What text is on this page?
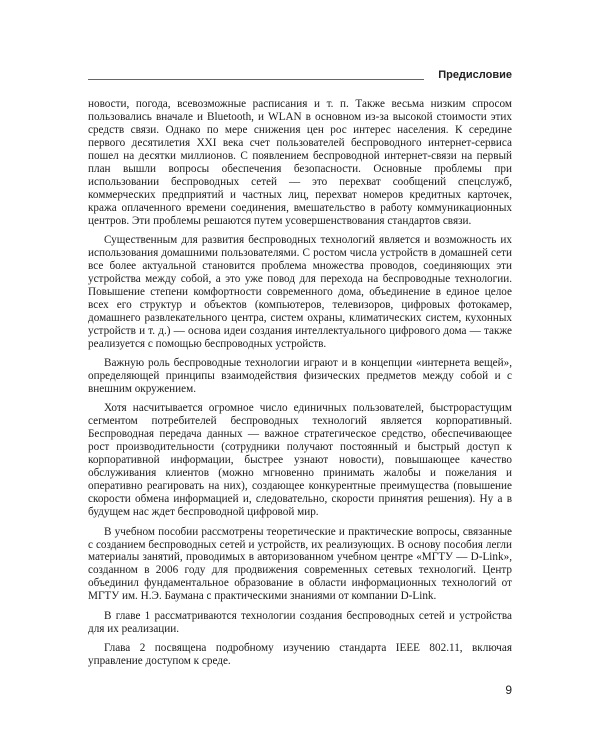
Предисловие

новости, погода, всевозможные расписания и т. п. Также весьма низким спросом пользовались вначале и Bluetooth, и WLAN в основном из-за высокой стоимости этих средств связи. Однако по мере снижения цен рос интерес населения. К середине первого десятилетия XXI века счет пользователей беспроводного интернет-сервиса пошел на десятки миллионов. С появлением беспроводной интернет-связи на первый план вышли вопросы обеспечения безопасности. Основные проблемы при использовании беспроводных сетей — это перехват сообщений спецслужб, коммерческих предприятий и частных лиц, перехват номеров кредитных карточек, кража оплаченного времени соединения, вмешательство в работу коммуникационных центров. Эти проблемы решаются путем усовершенствования стандартов связи.

Существенным для развития беспроводных технологий является и возможность их использования домашними пользователями. С ростом числа устройств в домашней сети все более актуальной становится проблема множества проводов, соединяющих эти устройства между собой, а это уже повод для перехода на беспроводные технологии. Повышение степени комфортности современного дома, объединение в единое целое всех его структур и объектов (компьютеров, телевизоров, цифровых фотокамер, домашнего развлекательного центра, систем охраны, климатических систем, кухонных устройств и т. д.) — основа идеи создания интеллектуального цифрового дома — также реализуется с помощью беспроводных устройств.

Важную роль беспроводные технологии играют и в концепции «интернета вещей», определяющей принципы взаимодействия физических предметов между собой и с внешним окружением.

Хотя насчитывается огромное число единичных пользователей, быстрорастущим сегментом потребителей беспроводных технологий является корпоративный. Беспроводная передача данных — важное стратегическое средство, обеспечивающее рост производительности (сотрудники получают постоянный и быстрый доступ к корпоративной информации, быстрее узнают новости), повышающее качество обслуживания клиентов (можно мгновенно принимать жалобы и пожелания и оперативно реагировать на них), создающее конкурентные преимущества (повышение скорости обмена информацией и, следовательно, скорости принятия решения). Ну а в будущем нас ждет беспроводной цифровой мир.

В учебном пособии рассмотрены теоретические и практические вопросы, связанные с созданием беспроводных сетей и устройств, их реализующих. В основу пособия легли материалы занятий, проводимых в авторизованном учебном центре «МГТУ — D-Link», созданном в 2006 году для продвижения современных сетевых технологий. Центр объединил фундаментальное образование в области информационных технологий от МГТУ им. Н.Э. Баумана с практическими знаниями от компании D-Link.

В главе 1 рассматриваются технологии создания беспроводных сетей и устройства для их реализации.

Глава 2 посвящена подробному изучению стандарта IEEE 802.11, включая управление доступом к среде.

9
